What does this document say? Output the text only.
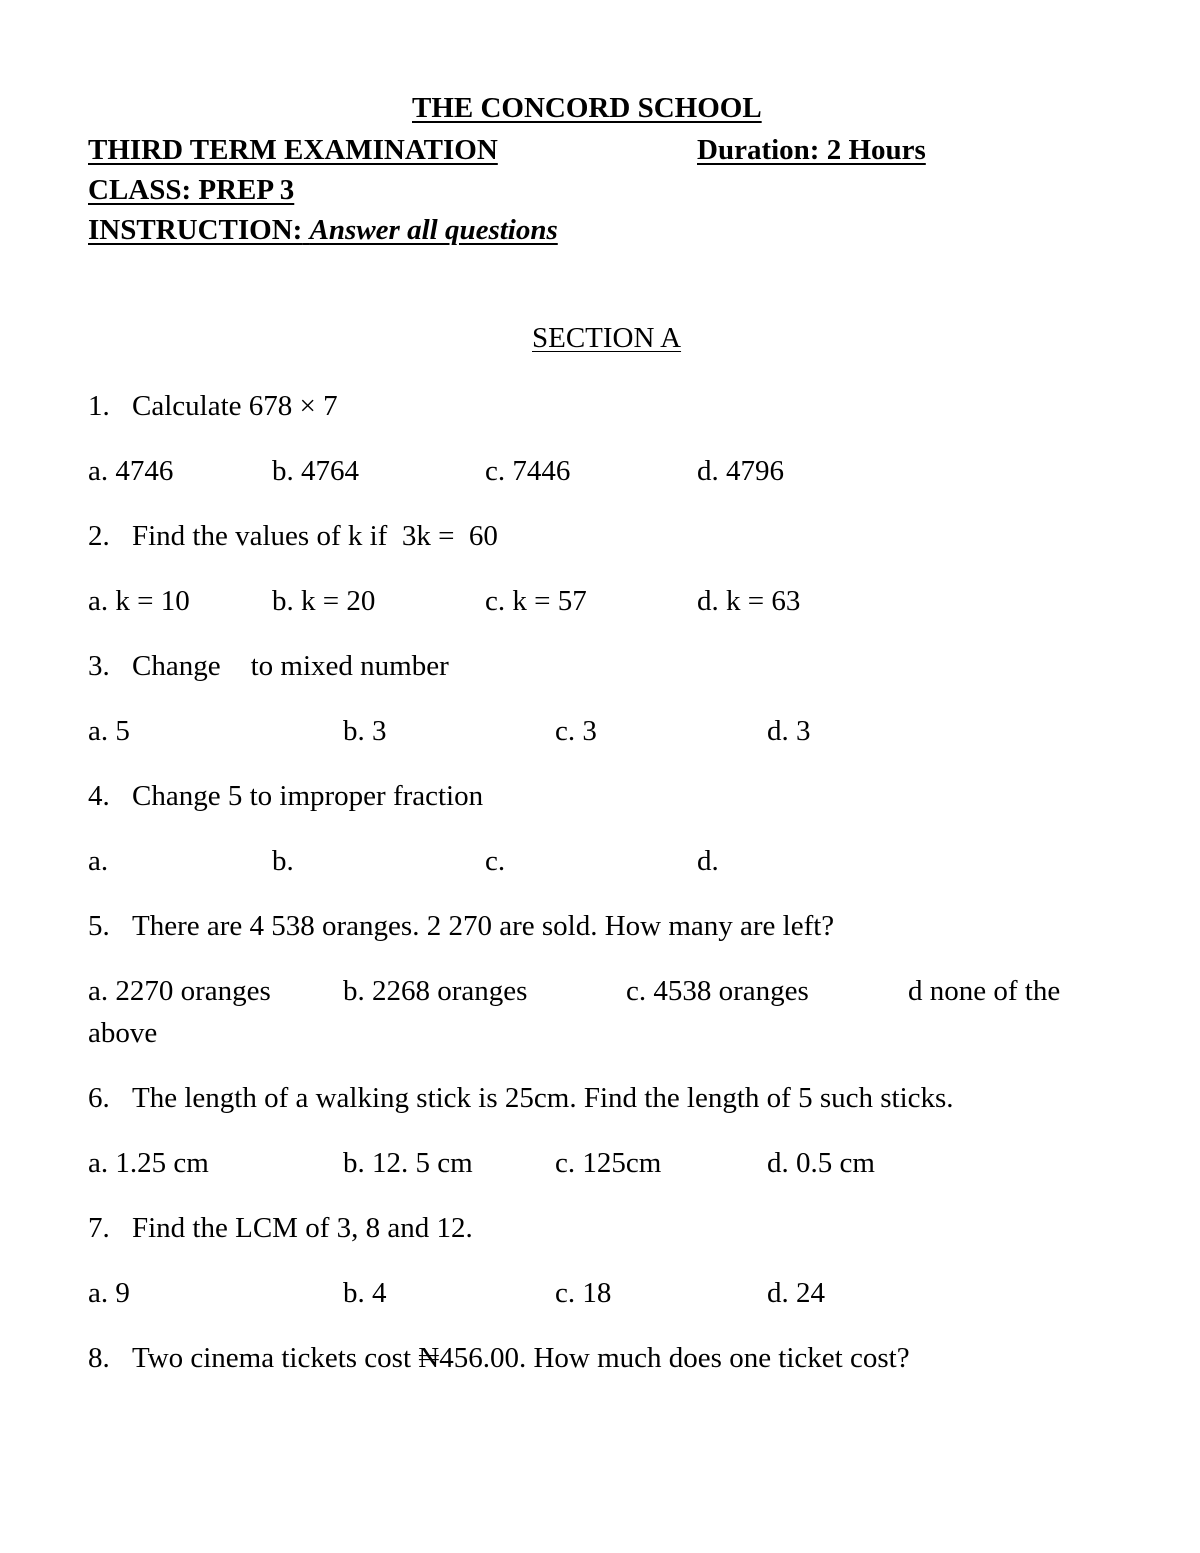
THE CONCORD SCHOOL
THIRD TERM EXAMINATION	Duration: 2 Hours
CLASS: PREP 3
INSTRUCTION: Answer all questions
SECTION A
1. Calculate 678 × 7
a. 4746	b. 4764	c. 7446	d. 4796
2. Find the values of k if  3k =  60
a. k = 10	b. k = 20	c. k = 57	d. k = 63
3. Change to mixed number
a. 5	b. 3	c. 3	d. 3
4. Change 5 to improper fraction
a.	b.	c.	d.
5. There are 4 538 oranges. 2 270 are sold. How many are left?
a. 2270 oranges b. 2268 oranges	c. 4538 oranges	d none of the
above
6. The length of a walking stick is 25cm. Find the length of 5 such sticks.
a. 1.25 cm	b. 12. 5 cm	c. 125cm	d. 0.5 cm
7. Find the LCM of 3, 8 and 12.
a. 9	b. 4	c. 18	d. 24
8. Two cinema tickets cost ₦456.00. How much does one ticket cost?
